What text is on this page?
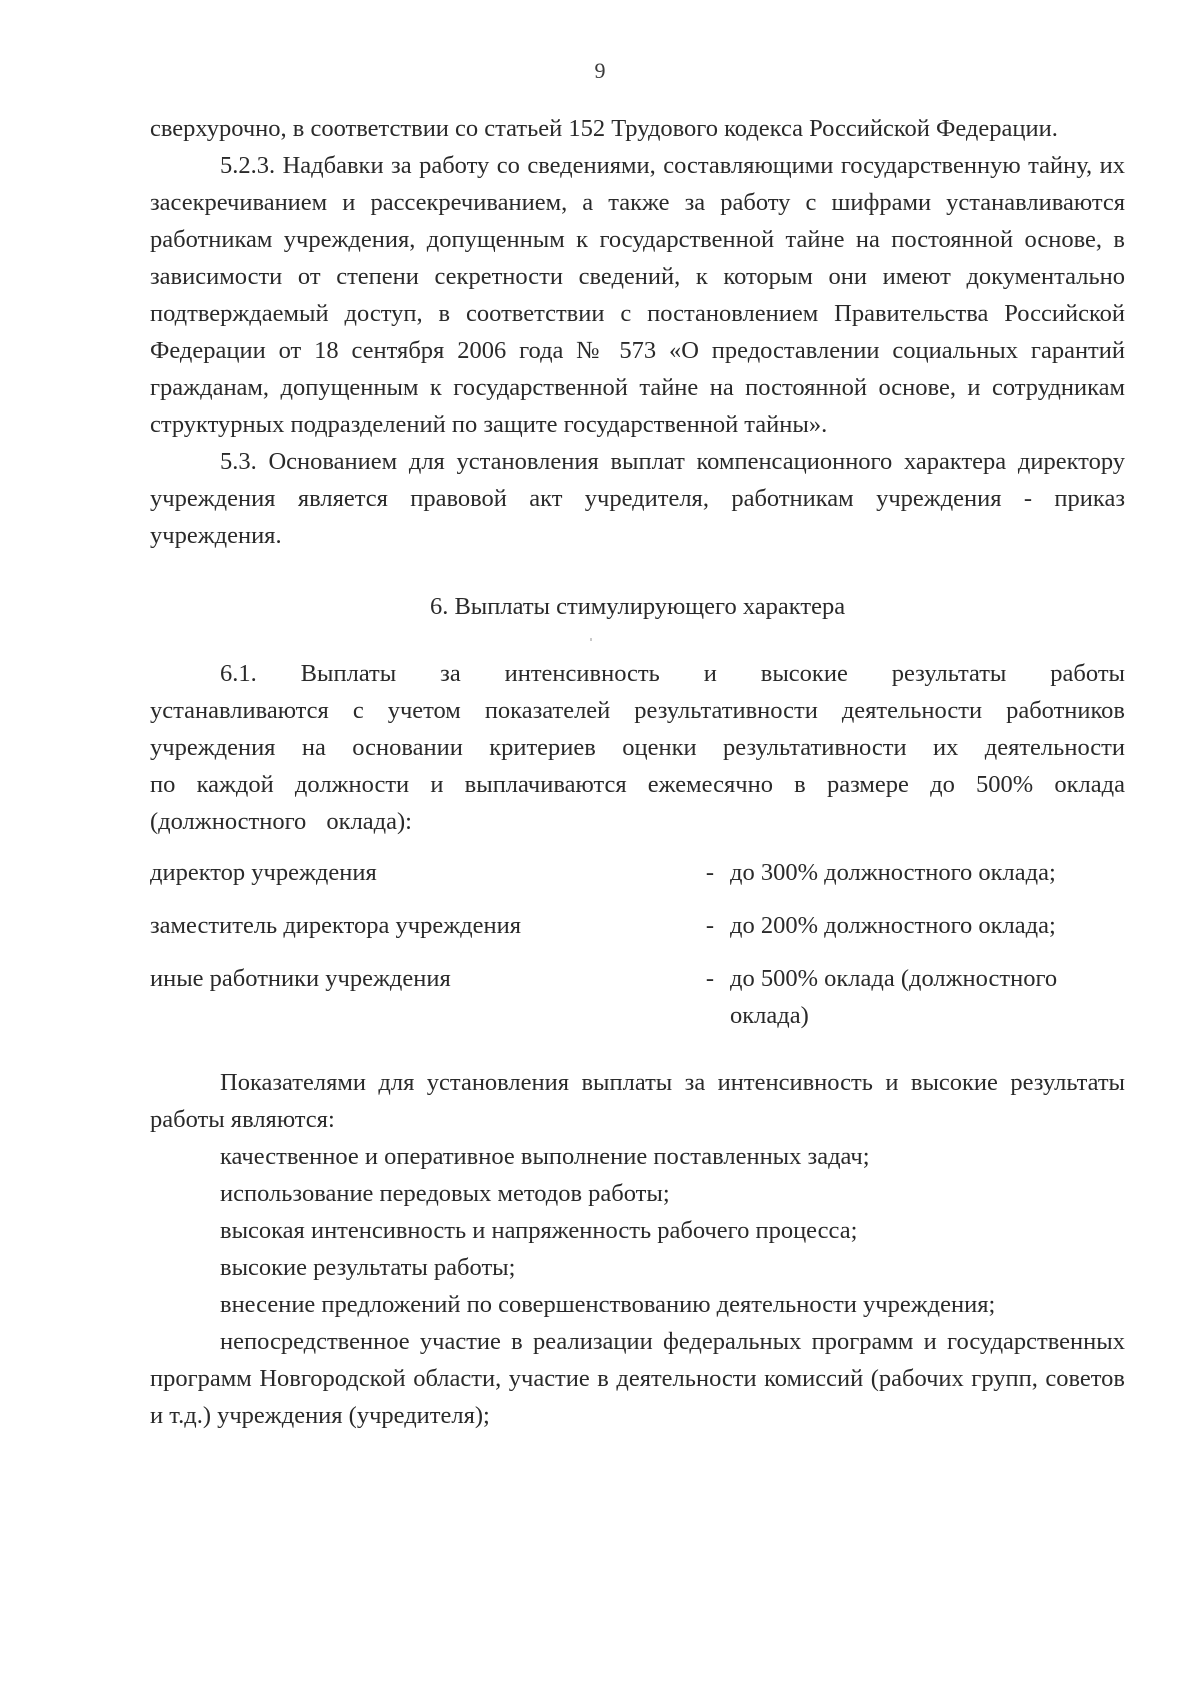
9

сверхурочно, в соответствии со статьей 152 Трудового кодекса Российской Федерации.

5.2.3. Надбавки за работу со сведениями, составляющими государственную тайну, их засекречиванием и рассекречиванием, а также за работу с шифрами устанавливаются работникам учреждения, допущенным к государственной тайне на постоянной основе, в зависимости от степени секретности сведений, к которым они имеют документально подтверждаемый доступ, в соответствии с постановлением Правительства Российской Федерации от 18 сентября 2006 года № 573 «О предоставлении социальных гарантий гражданам, допущенным к государственной тайне на постоянной основе, и сотрудникам структурных подразделений по защите государственной тайны».

5.3. Основанием для установления выплат компенсационного характера директору учреждения является правовой акт учредителя, работникам учреждения - приказ учреждения.

6. Выплаты стимулирующего характера

6.1. Выплаты за интенсивность и высокие результаты работы устанавливаются с учетом показателей результативности деятельности работников учреждения на основании критериев оценки результативности их деятельности по каждой должности и выплачиваются ежемесячно в размере до 500% оклада (должностного оклада):

директор учреждения	- до 300% должностного оклада;
заместитель директора учреждения	- до 200% должностного оклада;
иные работники учреждения	- до 500% оклада (должностного оклада)

Показателями для установления выплаты за интенсивность и высокие результаты работы являются:

качественное и оперативное выполнение поставленных задач;

использование передовых методов работы;

высокая интенсивность и напряженность рабочего процесса;

высокие результаты работы;

внесение предложений по совершенствованию деятельности учреждения;

непосредственное участие в реализации федеральных программ и государственных программ Новгородской области, участие в деятельности комиссий (рабочих групп, советов и т.д.) учреждения (учредителя);
